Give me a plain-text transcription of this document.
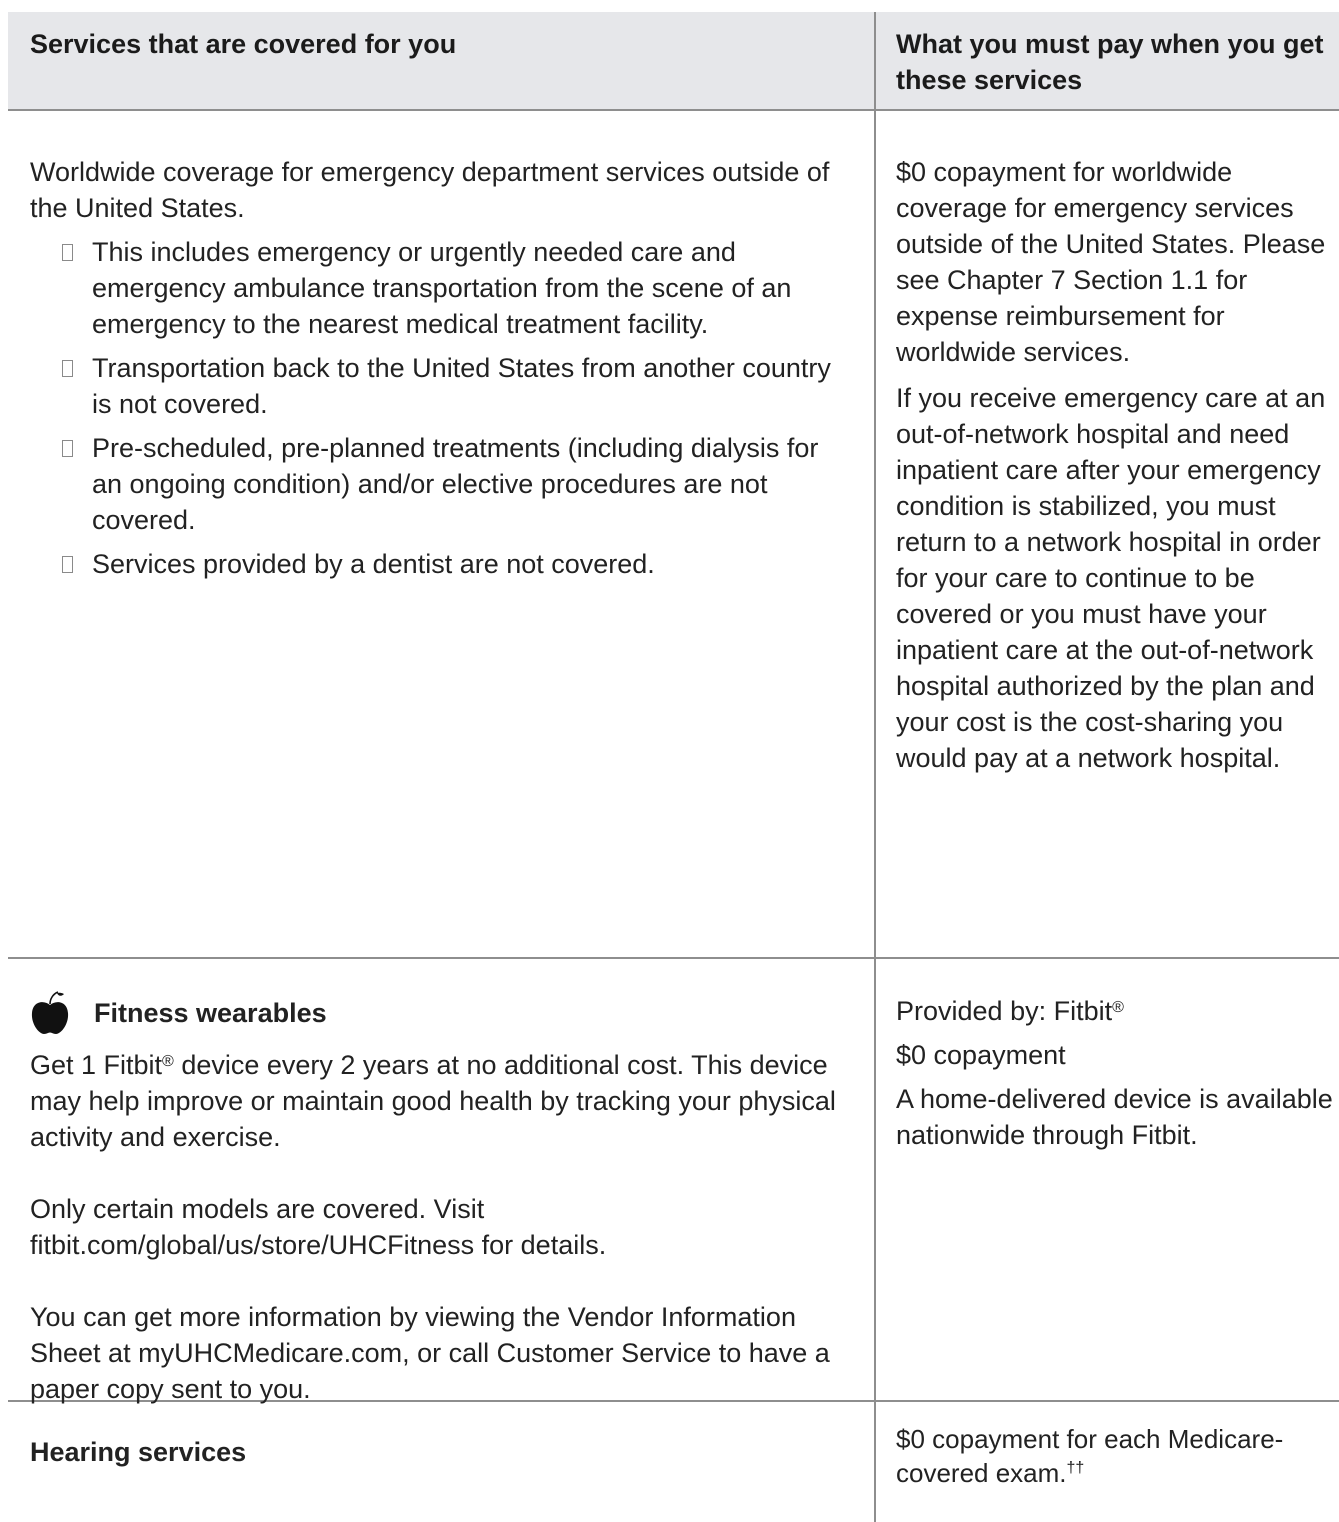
Services that are covered for you	What you must pay when you get these services

Worldwide coverage for emergency department services outside of the United States.

This includes emergency or urgently needed care and emergency ambulance transportation from the scene of an emergency to the nearest medical treatment facility.
Transportation back to the United States from another country is not covered.
Pre-scheduled, pre-planned treatments (including dialysis for an ongoing condition) and/or elective procedures are not covered.
Services provided by a dentist are not covered.

$0 copayment for worldwide coverage for emergency services outside of the United States. Please see Chapter 7 Section 1.1 for expense reimbursement for worldwide services.

If you receive emergency care at an out-of-network hospital and need inpatient care after your emergency condition is stabilized, you must return to a network hospital in order for your care to continue to be covered or you must have your inpatient care at the out-of-network hospital authorized by the plan and your cost is the cost-sharing you would pay at a network hospital.

Fitness wearables

Get 1 Fitbit® device every 2 years at no additional cost. This device may help improve or maintain good health by tracking your physical activity and exercise.

Only certain models are covered. Visit fitbit.com/global/us/store/UHCFitness for details.

You can get more information by viewing the Vendor Information Sheet at myUHCMedicare.com, or call Customer Service to have a paper copy sent to you.

Provided by: Fitbit®

$0 copayment

A home-delivered device is available nationwide through Fitbit.

Hearing services	$0 copayment for each Medicare-covered exam.††
